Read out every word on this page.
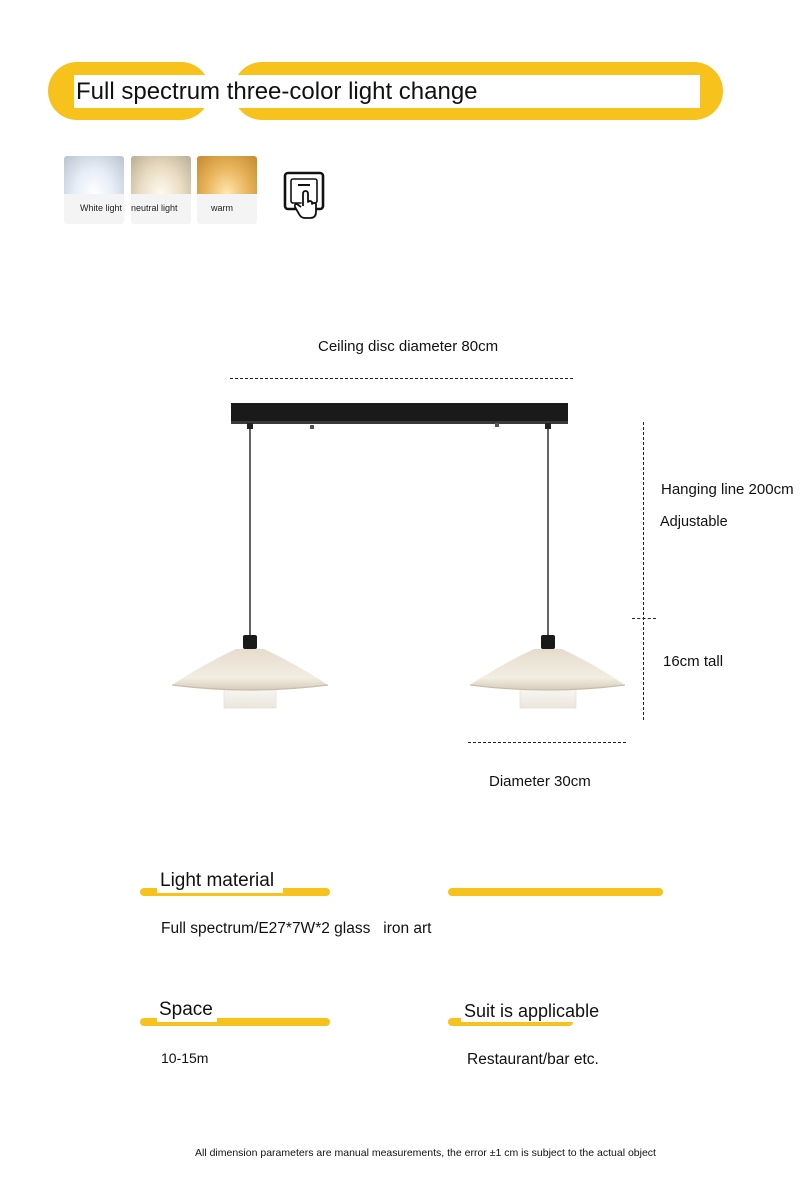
Full spectrum three-color light change
White light neutral light	warm
Ceiling disc diameter 80cm
Hanging line 200cm
Adjustable
16cm tall
Diameter 30cm
Light material
Full spectrum/E27*7W*2 glass   iron art
Space
10-15m
Suit is applicable
Restaurant/bar etc.
All dimension parameters are manual measurements, the error ±1 cm is subject to the actual object
